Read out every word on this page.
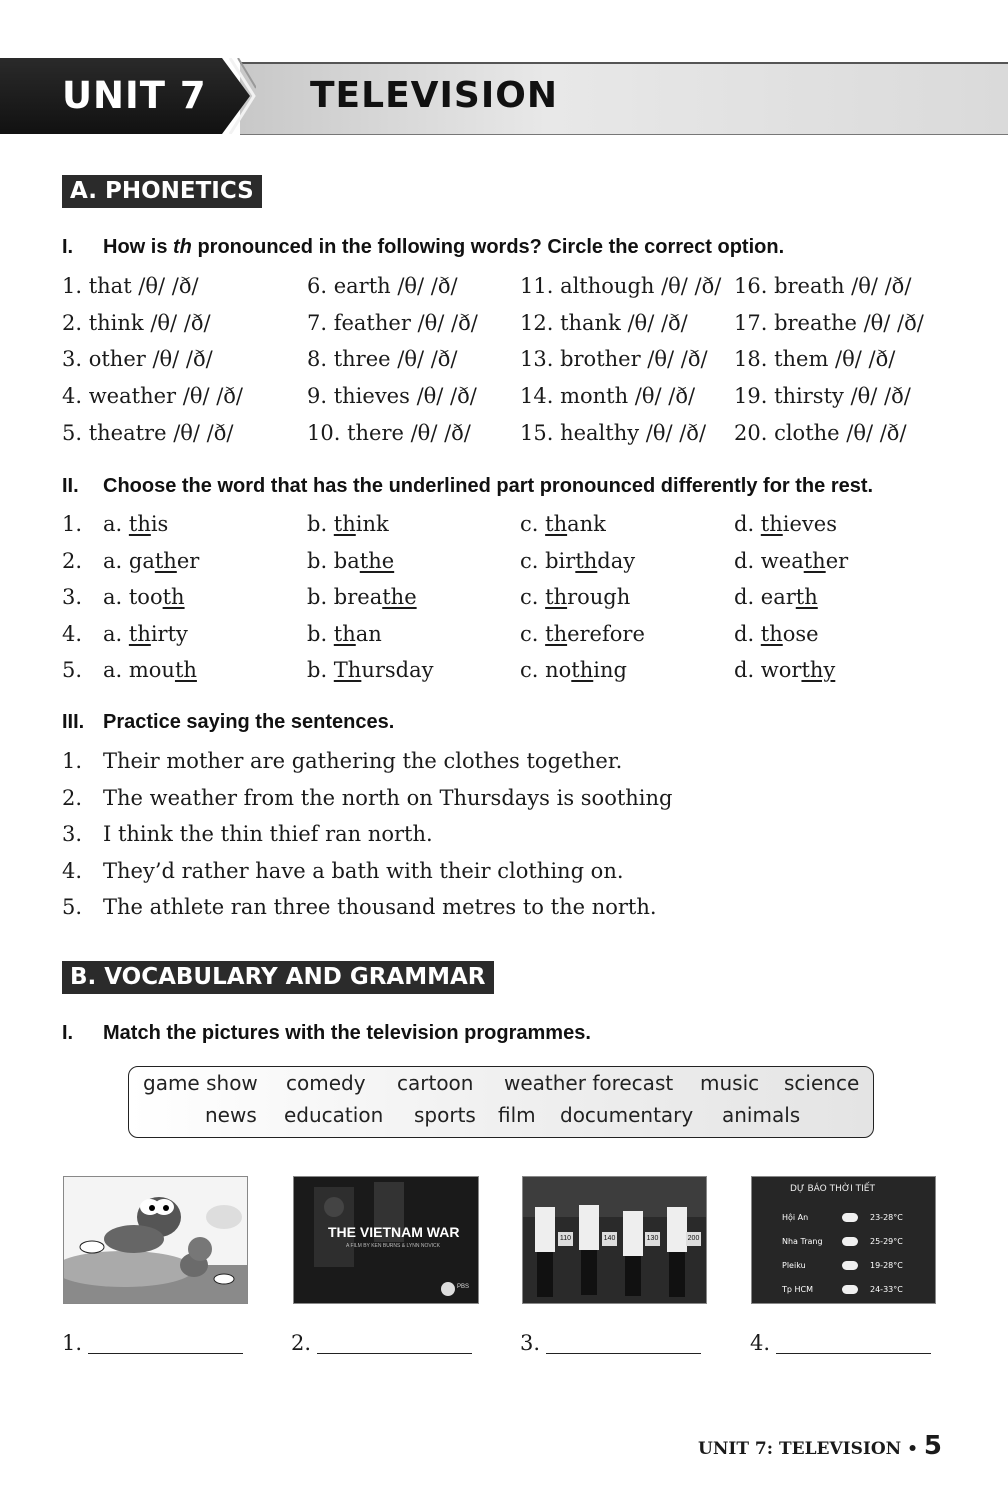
UNIT 7	TELEVISION
A. PHONETICS
I. How is th pronounced in the following words? Circle the correct option.
1. that /θ/ /ð/	6. earth /θ/ /ð/	11. although /θ/ /ð/ 16. breath /θ/ /ð/
2. think /θ/ /ð/	7. feather /θ/ /ð/ 12. thank /θ/ /ð/ 17. breathe /θ/ /ð/
3. other /θ/ /ð/	8. three /θ/ /ð/	13. brother /θ/ /ð/ 18. them /θ/ /ð/
4. weather /θ/ /ð/	9. thieves /θ/ /ð/ 14. month /θ/ /ð/ 19. thirsty /θ/ /ð/
5. theatre /θ/ /ð/	10. there /θ/ /ð/ 15. healthy /θ/ /ð/ 20. clothe /θ/ /ð/
II. Choose the word that has the underlined part pronounced differently for the rest.
1. a. this	b. think	c. thank	d. thieves
2. a. gather	b. bathe	c. birthday	d. weather
3. a. tooth	b. breathe	c. through	d. earth
4. a. thirty	b. than	c. therefore	d. those
5. a. mouth	b. Thursday	c. nothing	d. worthy
III. Practice saying the sentences.
1. Their mother are gathering the clothes together.
2. The weather from the north on Thursdays is soothing
3. I think the thin thief ran north.
4. They’d rather have a bath with their clothing on.
5. The athlete ran three thousand metres to the north.
B. VOCABULARY AND GRAMMAR
I. Match the pictures with the television programmes.
game show comedy cartoon weather forecast music science
news education sports film documentary animals
THE VIETNAM WAR
A FILM BY KEN BURNS & LYNN NOVICK
PBS
110	140	130	200
DỰ BÁO THỜI TIẾT
Hội An	23-28°C
Nha Trang	25-29°C
Pleiku	19-28°C
Tp HCM	24-33°C
1.	2.	3.	4.
UNIT 7: TELEVISION • 5
